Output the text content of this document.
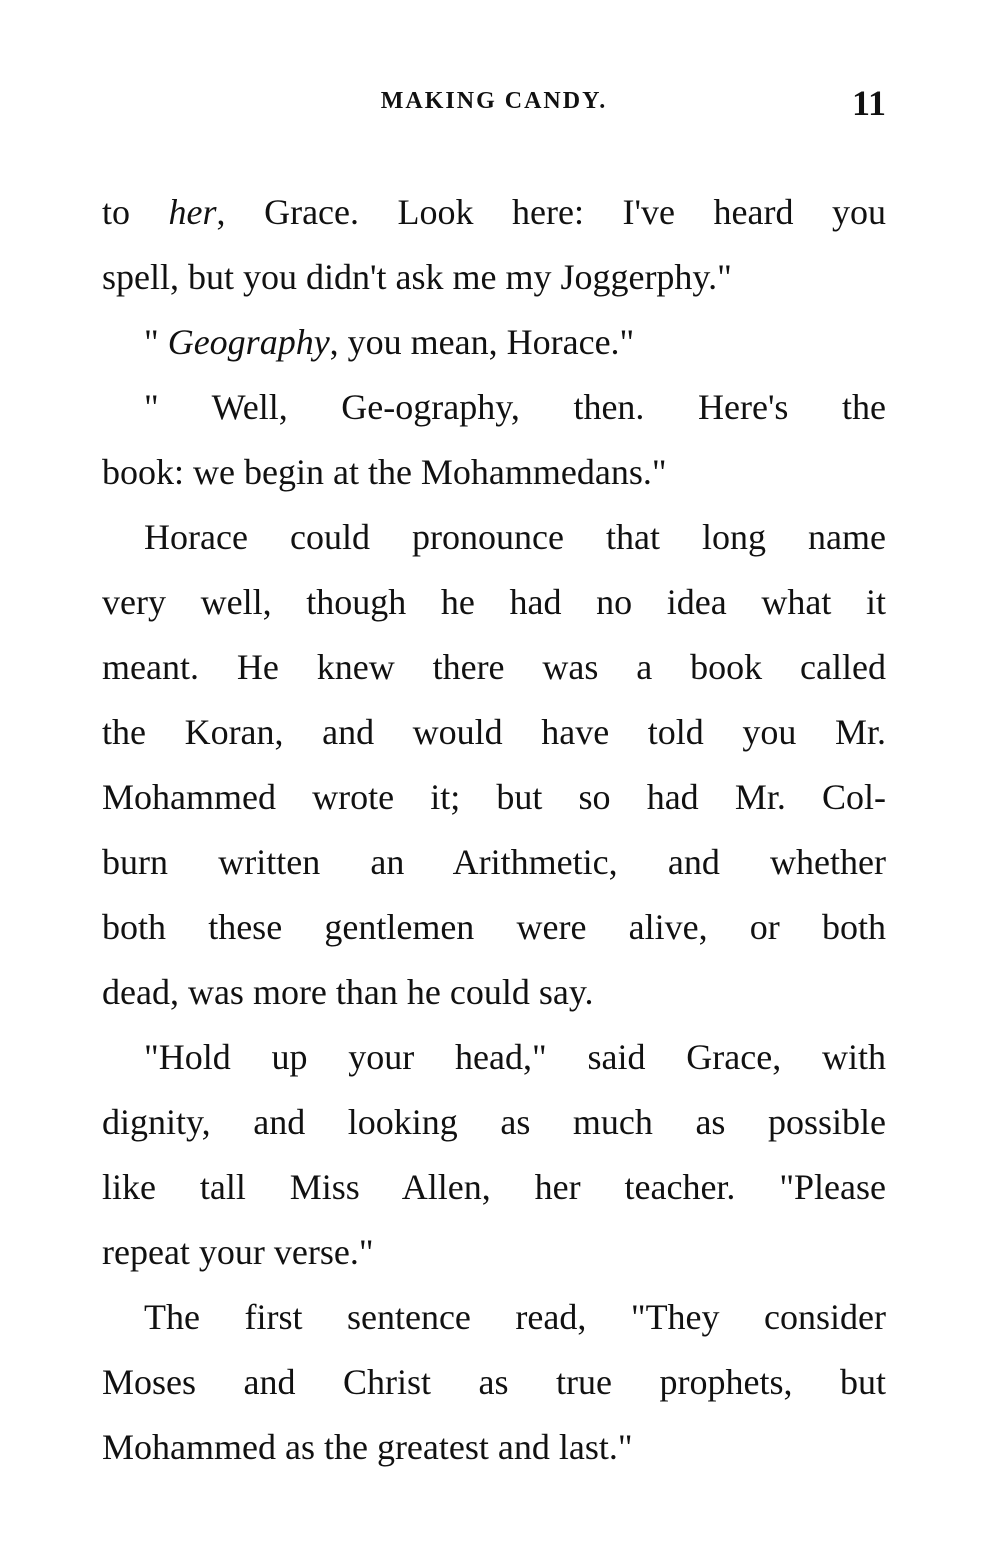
MAKING CANDY.	11
to her, Grace. Look here: I've heard you
spell, but you didn't ask me my Joggerphy."
" Geography, you mean, Horace."
" Well, Ge-ography, then. Here's the
book: we begin at the Mohammedans."
Horace could pronounce that long name
very well, though he had no idea what it
meant. He knew there was a book called
the Koran, and would have told you Mr.
Mohammed wrote it; but so had Mr. Col-
burn written an Arithmetic, and whether
both these gentlemen were alive, or both
dead, was more than he could say.
"Hold up your head," said Grace, with
dignity, and looking as much as possible
like tall Miss Allen, her teacher. "Please
repeat your verse."
The first sentence read, "They consider
Moses and Christ as true prophets, but
Mohammed as the greatest and last."
